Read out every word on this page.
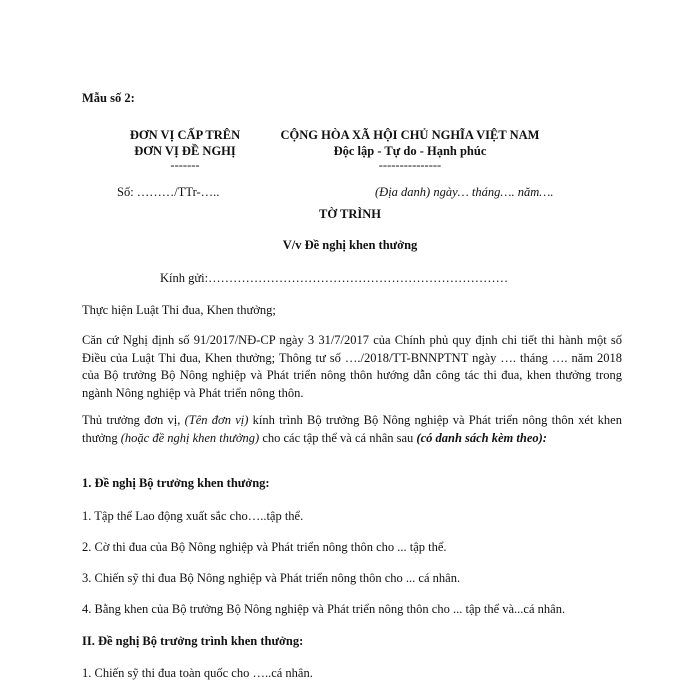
Mẫu số 2:
ĐƠN VỊ CẤP TRÊN
ĐƠN VỊ ĐỀ NGHỊ
-------
Số: ………/TTr-…..
CỘNG HÒA XÃ HỘI CHỦ NGHĨA VIỆT NAM
Độc lập - Tự do - Hạnh phúc
---------------
(Địa danh) ngày… tháng…. năm….
TỜ TRÌNH
V/v Đề nghị khen thưởng
Kính gửi:………………………………………………………………
Thực hiện Luật Thi đua, Khen thưởng;
Căn cứ Nghị định số 91/2017/NĐ-CP ngày 3 31/7/2017 của Chính phủ quy định chi tiết thi hành một số Điều của Luật Thi đua, Khen thưởng; Thông tư số …./2018/TT-BNNPTNT ngày …. tháng …. năm 2018 của Bộ trưởng Bộ Nông nghiệp và Phát triển nông thôn hướng dẫn công tác thi đua, khen thưởng trong ngành Nông nghiệp và Phát triển nông thôn.
Thủ trưởng đơn vị, (Tên đơn vị) kính trình Bộ trưởng Bộ Nông nghiệp và Phát triển nông thôn xét khen thưởng (hoặc đề nghị khen thưởng) cho các tập thể và cá nhân sau (có danh sách kèm theo):
1. Đề nghị Bộ trưởng khen thưởng:
1. Tập thể Lao động xuất sắc cho…..tập thể.
2. Cờ thi đua của Bộ Nông nghiệp và Phát triển nông thôn cho ... tập thể.
3. Chiến sỹ thi đua Bộ Nông nghiệp và Phát triển nông thôn cho ... cá nhân.
4. Bằng khen của Bộ trưởng Bộ Nông nghiệp và Phát triển nông thôn cho ... tập thể và...cá nhân.
II. Đề nghị Bộ trưởng trình khen thưởng:
1. Chiến sỹ thi đua toàn quốc cho …..cá nhân.
